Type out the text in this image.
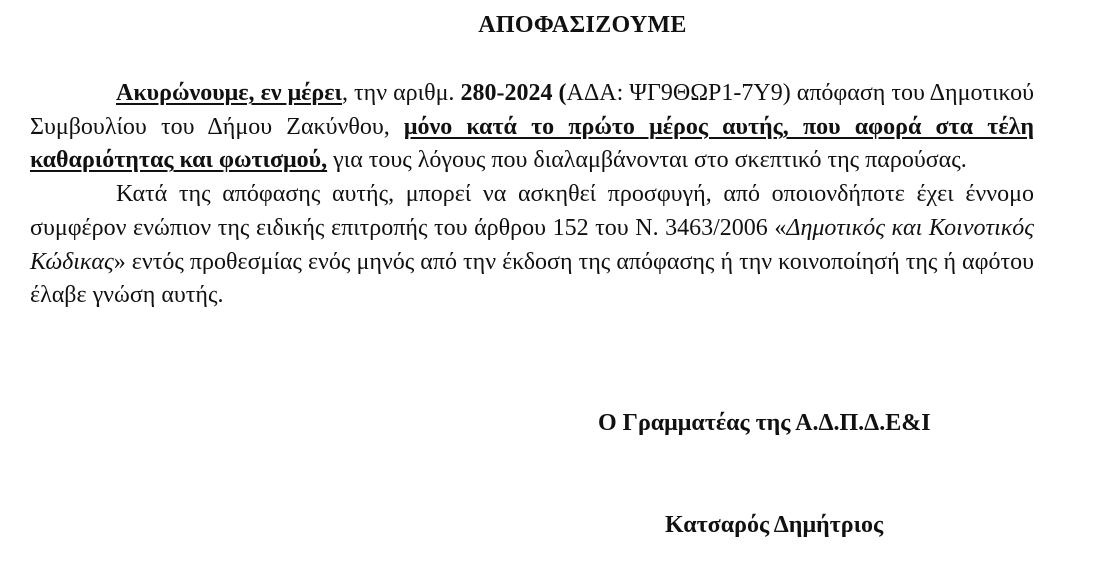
ΑΠΟΦΑΣΙΖΟΥΜΕ

Ακυρώνουμε, εν μέρει, την αριθμ. 280-2024 (ΑΔΑ: ΨΓ9ΘΩΡ1-7Υ9) απόφαση του Δημοτικού Συμβουλίου του Δήμου Ζακύνθου, μόνο κατά το πρώτο μέρος αυτής, που αφορά στα τέλη καθαριότητας και φωτισμού, για τους λόγους που διαλαμβάνονται στο σκεπτικό της παρούσας.

Κατά της απόφασης αυτής, μπορεί να ασκηθεί προσφυγή, από οποιονδήποτε έχει έννομο συμφέρον ενώπιον της ειδικής επιτροπής του άρθρου 152 του Ν. 3463/2006 «Δημοτικός και Κοινοτικός Κώδικας» εντός προθεσμίας ενός μηνός από την έκδοση της απόφασης ή την κοινοποίησή της ή αφότου έλαβε γνώση αυτής.

Ο Γραμματέας της Α.Δ.Π.Δ.Ε&Ι
Κατσαρός Δημήτριος
